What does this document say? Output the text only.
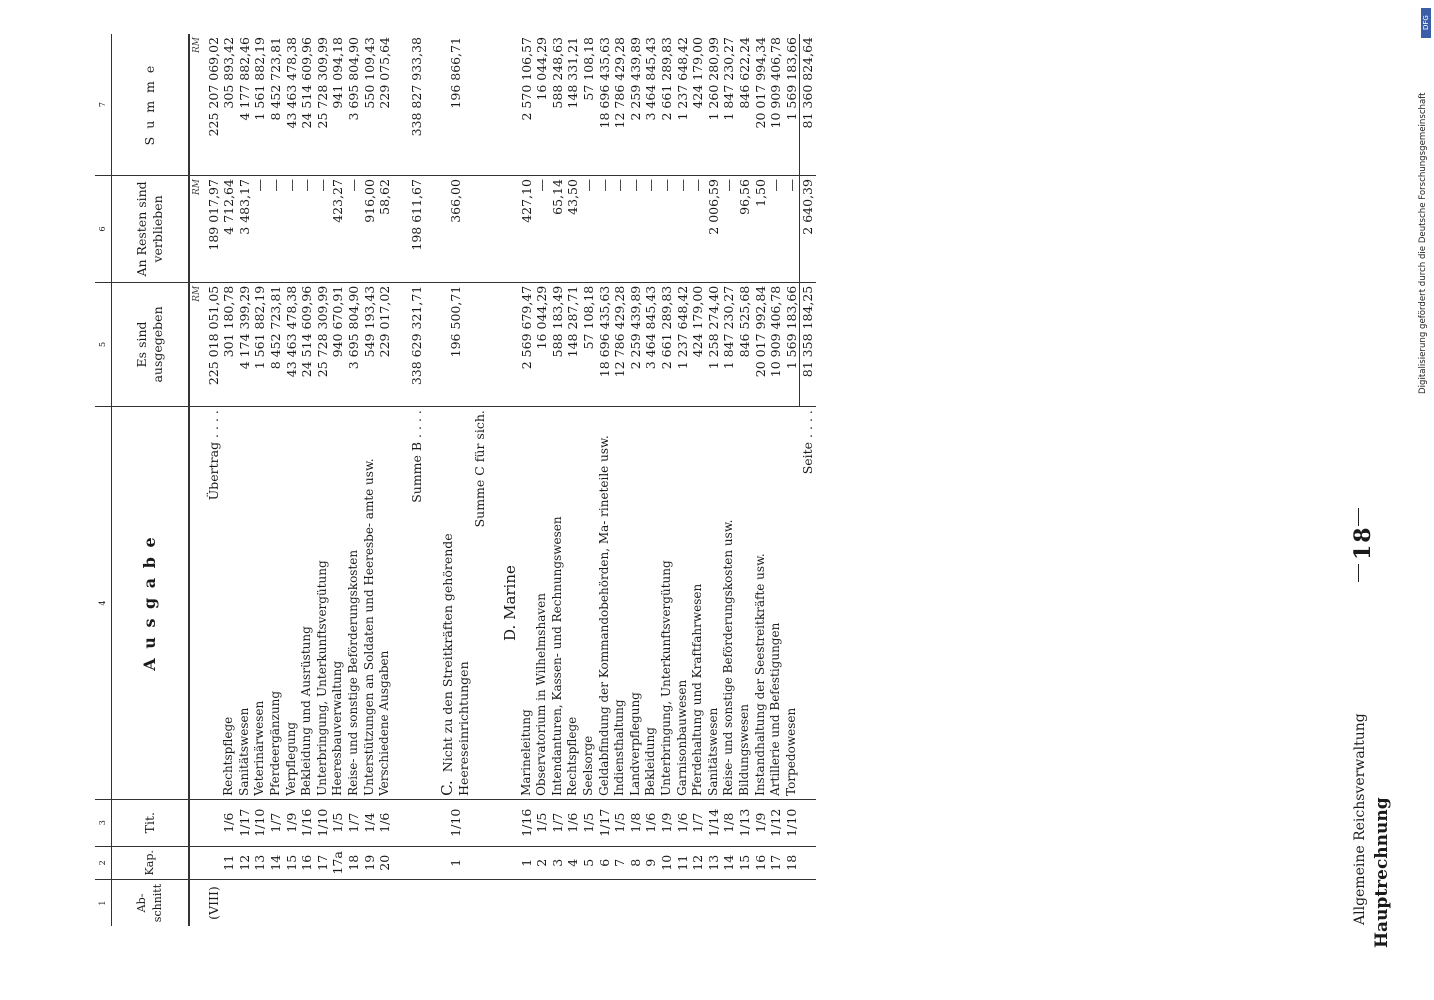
Hauptrechnung
Allgemeine Reichsverwaltung
18
1	2	3	4	5	6	7
Ab- schnitt	Kap.	Tit.	A u s g a b e	Es sind ausgegeben	An Resten sind verblieben	S u m m e
				RM	RM	RM
(VIII)			Übertrag . . . .	225 018 051,05	189 017,97	225 207 069,02
	11	1/6	Rechtspflege	301 180,78	4 712,64	305 893,42
	12	1/17	Sanitätswesen	4 174 399,29	3 483,17	4 177 882,46
	13	1/10	Veterinärwesen	1 561 882,19	—	1 561 882,19
	14	1/7	Pferdeergänzung	8 452 723,81	—	8 452 723,81
	15	1/9	Verpflegung	43 463 478,38	—	43 463 478,38
	16	1/16	Bekleidung und Ausrüstung	24 514 609,96	—	24 514 609,96
	17	1/10	Unterbringung, Unterkunftsvergütung	25 728 309,99	—	25 728 309,99
	17a	1/5	Heeresbauverwaltung	940 670,91	423,27	941 094,18
	18	1/7	Reise- und sonstige Beförderungskosten	3 695 804,90	—	3 695 804,90
	19	1/4	Unterstützungen an Soldaten und Heeresbe- amte usw.	549 193,43	916,00	550 109,43
	20	1/6	Verschiedene Ausgaben	229 017,02	58,62	229 075,64

			Summe B . . . .	338 629 321,71	198 611,67	338 827 933,38

	1	1/10	C.Nicht zu den Streitkräften gehörende Heereseinrichtungen	196 500,71	366,00	196 866,71
			Summe C für sich.			

			D. Marine			
	1	1/16	Marineleitung	2 569 679,47	427,10	2 570 106,57
	2	1/5	Observatorium in Wilhelmshaven	16 044,29	—	16 044,29
	3	1/7	Intendanturen, Kassen- und Rechnungswesen	588 183,49	65,14	588 248,63
	4	1/6	Rechtspflege	148 287,71	43,50	148 331,21
	5	1/5	Seelsorge	57 108,18	—	57 108,18
	6	1/17	Geldabfindung der Kommandobehörden, Ma- rineteile usw.	18 696 435,63	—	18 696 435,63
	7	1/5	Indiensthaltung	12 786 429,28	—	12 786 429,28
	8	1/8	Landverpflegung	2 259 439,89	—	2 259 439,89
	9	1/6	Bekleidung	3 464 845,43	—	3 464 845,43
	10	1/9	Unterbringung, Unterkunftsvergütung	2 661 289,83	—	2 661 289,83
	11	1/6	Garnisonbauwesen	1 237 648,42	—	1 237 648,42
	12	1/7	Pferdehaltung und Kraftfahrwesen	424 179,00	—	424 179,00
	13	1/14	Sanitätswesen	1 258 274,40	2 006,59	1 260 280,99
	14	1/8	Reise- und sonstige Beförderungskosten usw.	1 847 230,27	—	1 847 230,27
	15	1/13	Bildungswesen	846 525,68	96,56	846 622,24
	16	1/9	Instandhaltung der Seestreitkräfte usw.	20 017 992,84	1,50	20 017 994,34
	17	1/12	Artillerie und Befestigungen	10 909 406,78	—	10 909 406,78
	18	1/10	Torpedowesen	1 569 183,66	—	1 569 183,66
			Seite . . . .	81 358 184,25	2 640,39	81 360 824,64
DFG
Digitalisierung gefördert durch die Deutsche Forschungsgemeinschaft
